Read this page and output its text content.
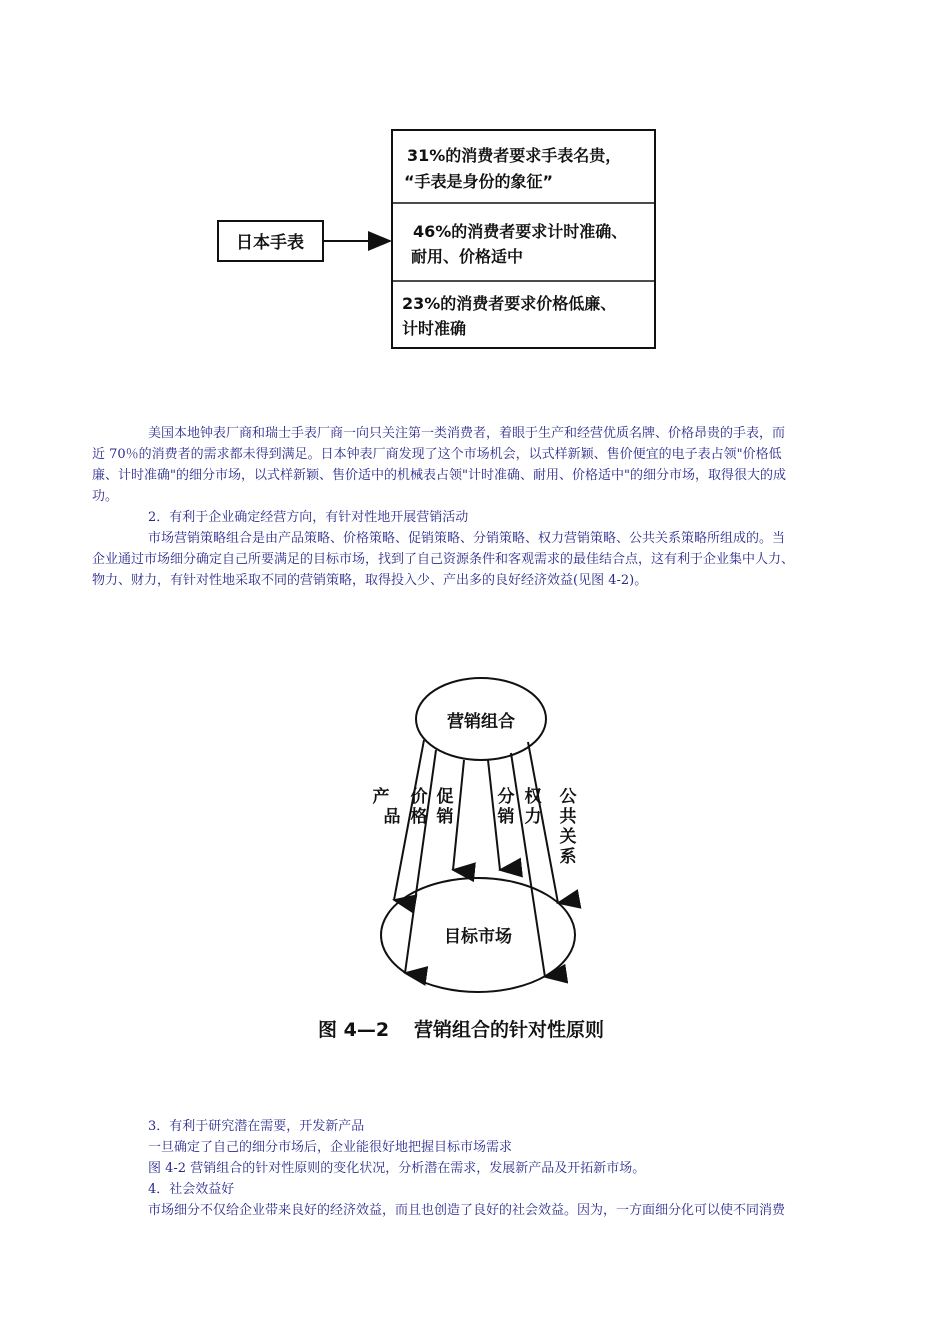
日本手表
31%的消费者要求手表名贵，
“手表是身份的象征”
46%的消费者要求计时准确、
耐用、价格适中
23%的消费者要求价格低廉、
计时准确

美国本地钟表厂商和瑞士手表厂商一向只关注第一类消费者，着眼于生产和经营优质名牌、价格昂贵的手表，而

近 70％的消费者的需求都未得到满足。日本钟表厂商发现了这个市场机会，以式样新颖、售价便宜的电子表占领"价格低

廉、计时准确"的细分市场，以式样新颖、售价适中的机械表占领"计时准确、耐用、价格适中"的细分市场，取得很大的成

功。

2．有利于企业确定经营方向，有针对性地开展营销活动

市场营销策略组合是由产品策略、价格策略、促销策略、分销策略、权力营销策略、公共关系策略所组成的。当

企业通过市场细分确定自己所要满足的目标市场，找到了自己资源条件和客观需求的最佳结合点，这有利于企业集中人力、

物力、财力，有针对性地采取不同的营销策略，取得投入少、产出多的良好经济效益(见图 4-2)。

营销组合
目标市场
产
品
价
格
促
销
分
销
权
力
公
共
关
系
图 4—2 营销组合的针对性原则

3．有利于研究潜在需要，开发新产品

一旦确定了自己的细分市场后，企业能很好地把握目标市场需求

图 4-2 营销组合的针对性原则的变化状况，分析潜在需求，发展新产品及开拓新市场。

4．社会效益好

市场细分不仅给企业带来良好的经济效益，而且也创造了良好的社会效益。因为，一方面细分化可以使不同消费
